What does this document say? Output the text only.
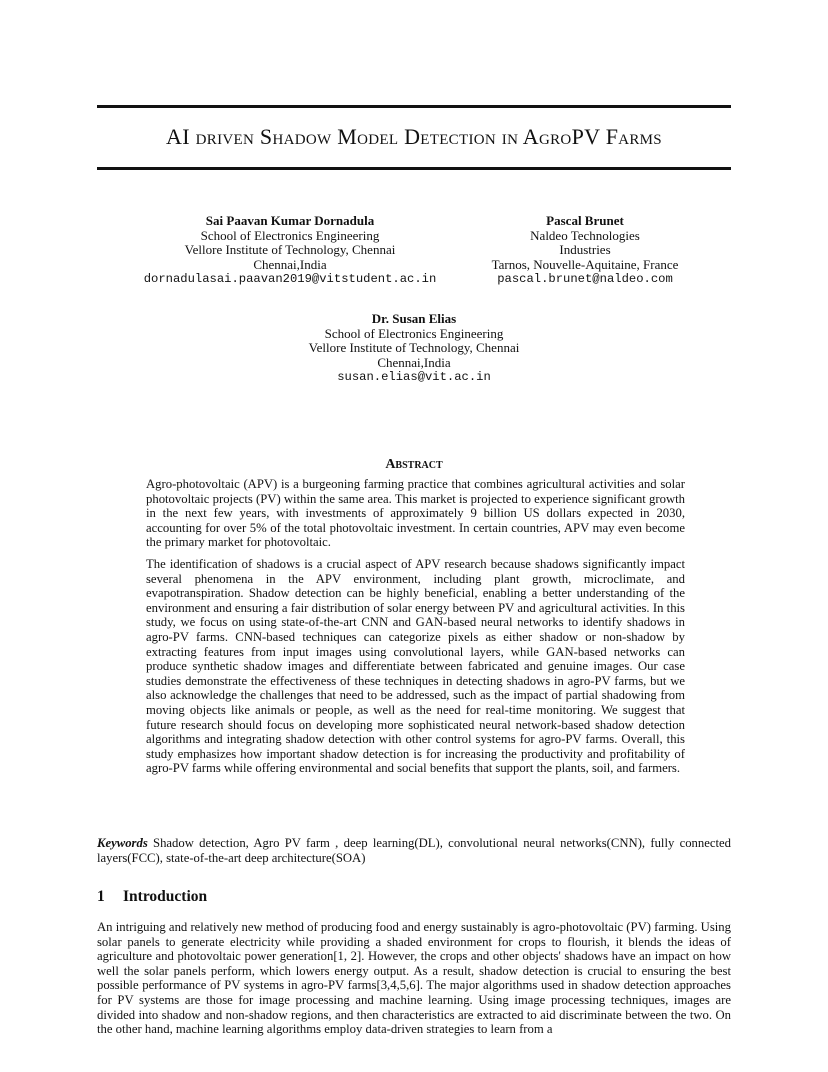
AI driven Shadow Model Detection in AgroPV Farms
Sai Paavan Kumar Dornadula
School of Electronics Engineering
Vellore Institute of Technology, Chennai
Chennai,India
dornadulasai.paavan2019@vitstudent.ac.in
Pascal Brunet
Naldeo Technologies
Industries
Tarnos, Nouvelle-Aquitaine, France
pascal.brunet@naldeo.com
Dr. Susan Elias
School of Electronics Engineering
Vellore Institute of Technology, Chennai
Chennai,India
susan.elias@vit.ac.in
Abstract

Agro-photovoltaic (APV) is a burgeoning farming practice that combines agricultural activities and solar photovoltaic projects (PV) within the same area. This market is projected to experience significant growth in the next few years, with investments of approximately 9 billion US dollars expected in 2030, accounting for over 5% of the total photovoltaic investment. In certain countries, APV may even become the primary market for photovoltaic.

The identification of shadows is a crucial aspect of APV research because shadows significantly impact several phenomena in the APV environment, including plant growth, microclimate, and evapotranspiration. Shadow detection can be highly beneficial, enabling a better understanding of the environment and ensuring a fair distribution of solar energy between PV and agricultural activities. In this study, we focus on using state-of-the-art CNN and GAN-based neural networks to identify shadows in agro-PV farms. CNN-based techniques can categorize pixels as either shadow or non-shadow by extracting features from input images using convolutional layers, while GAN-based networks can produce synthetic shadow images and differentiate between fabricated and genuine images. Our case studies demonstrate the effectiveness of these techniques in detecting shadows in agro-PV farms, but we also acknowledge the challenges that need to be addressed, such as the impact of partial shadowing from moving objects like animals or people, as well as the need for real-time monitoring. We suggest that future research should focus on developing more sophisticated neural network-based shadow detection algorithms and integrating shadow detection with other control systems for agro-PV farms. Overall, this study emphasizes how important shadow detection is for increasing the productivity and profitability of agro-PV farms while offering environmental and social benefits that support the plants, soil, and farmers.

Keywords Shadow detection, Agro PV farm , deep learning(DL), convolutional neural networks(CNN), fully connected layers(FCC), state-of-the-art deep architecture(SOA)
1 Introduction

An intriguing and relatively new method of producing food and energy sustainably is agro-photovoltaic (PV) farming. Using solar panels to generate electricity while providing a shaded environment for crops to flourish, it blends the ideas of agriculture and photovoltaic power generation[1, 2]. However, the crops and other objects' shadows have an impact on how well the solar panels perform, which lowers energy output. As a result, shadow detection is crucial to ensuring the best possible performance of PV systems in agro-PV farms[3,4,5,6]. The major algorithms used in shadow detection approaches for PV systems are those for image processing and machine learning. Using image processing techniques, images are divided into shadow and non-shadow regions, and then characteristics are extracted to aid discriminate between the two. On the other hand, machine learning algorithms employ data-driven strategies to learn from a
